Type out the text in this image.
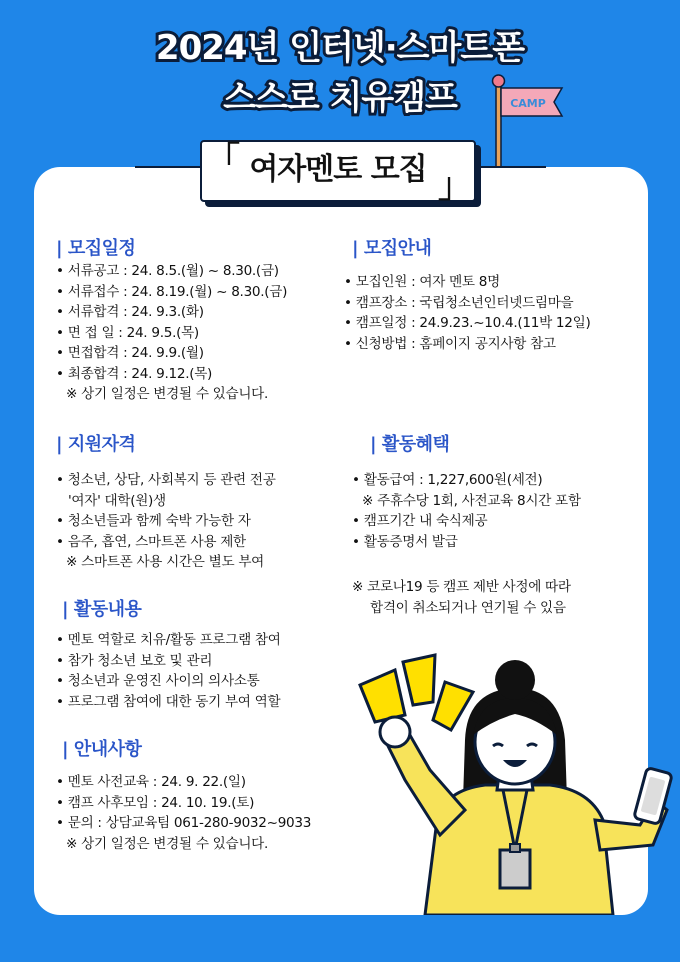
2024년 인터넷·스마트폰
스스로 치유캠프	CAMP
「
」
여자멘토 모집
| 모집일정
• 서류공고 : 24. 8.5.(월) ~ 8.30.(금)
• 서류접수 : 24. 8.19.(월) ~ 8.30.(금)
• 서류합격 : 24. 9.3.(화)
• 면 접 일 : 24. 9.5.(목)
• 면접합격 : 24. 9.9.(월)
• 최종합격 : 24. 9.12.(목)
※ 상기 일정은 변경될 수 있습니다.
| 모집안내
• 모집인원 : 여자 멘토 8명
• 캠프장소 : 국립청소년인터넷드림마을
• 캠프일정 : 24.9.23.~10.4.(11박 12일)
• 신청방법 : 홈페이지 공지사항 참고
| 지원자격
• 청소년, 상담, 사회복지 등 관련 전공
'여자' 대학(원)생
• 청소년들과 함께 숙박 가능한 자
• 음주, 흡연, 스마트폰 사용 제한
※ 스마트폰 사용 시간은 별도 부여
| 활동혜택
• 활동급여 : 1,227,600원(세전)
※ 주휴수당 1회, 사전교육 8시간 포함
• 캠프기간 내 숙식제공
• 활동증명서 발급
※ 코로나19 등 캠프 제반 사정에 따라
합격이 취소되거나 연기될 수 있음
| 활동내용
• 멘토 역할로 치유/활동 프로그램 참여
• 참가 청소년 보호 및 관리
• 청소년과 운영진 사이의 의사소통
• 프로그램 참여에 대한 동기 부여 역할
| 안내사항
• 멘토 사전교육 : 24. 9. 22.(일)
• 캠프 사후모임 : 24. 10. 19.(토)
• 문의 : 상담교육팀 061-280-9032~9033
※ 상기 일정은 변경될 수 있습니다.
